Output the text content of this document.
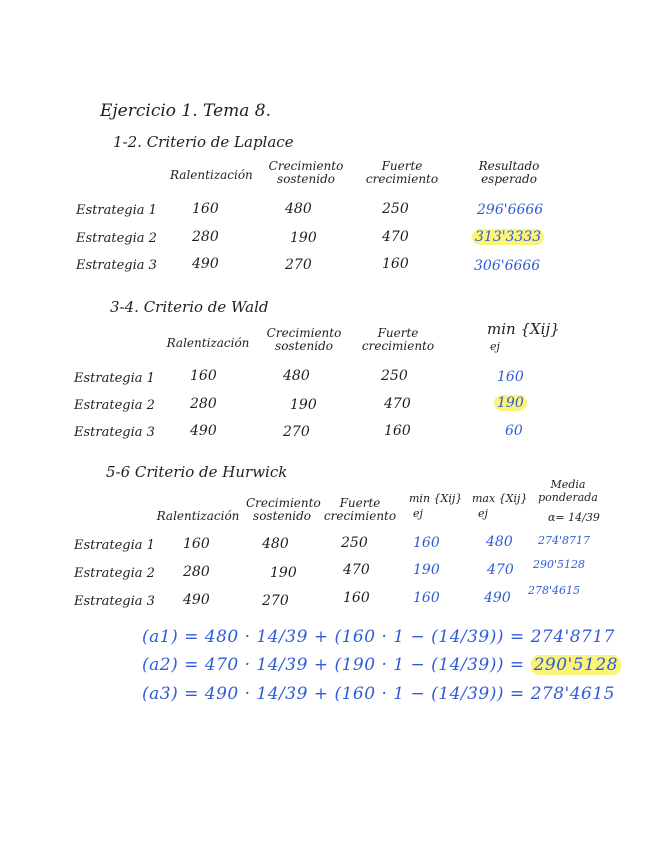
Ejercicio 1. Tema 8.
1-2. Criterio de Laplace
Ralentización
Crecimiento sostenido
Fuerte crecimiento
Resultado esperado
Estrategia 1	160	480	250	296'6666
Estrategia 2	280	190	470	313'3333
Estrategia 3	490	270	160	306'6666
3-4. Criterio de Wald
Ralentización
Crecimiento sostenido
Fuerte crecimiento
min {Xij}
ej
Estrategia 1	160	480	250	160
Estrategia 2	280	190	470	190
Estrategia 3	490	270	160	60
5-6 Criterio de Hurwick
Ralentización
Crecimiento sostenido
Fuerte crecimiento
min {Xij}
ej
max {Xij}
ej
Media ponderada
α= 14/39
Estrategia 1 160	480	250	160	480 274'8717
Estrategia 2 280	190	470	190	470 290'5128
Estrategia 3 490	270	160	160	490 278'4615
(a1) = 480 · 14/39 + (160 · 1 − (14/39)) = 274'8717
(a2) = 470 · 14/39 + (190 · 1 − (14/39)) = 290'5128
(a3) = 490 · 14/39 + (160 · 1 − (14/39)) = 278'4615
